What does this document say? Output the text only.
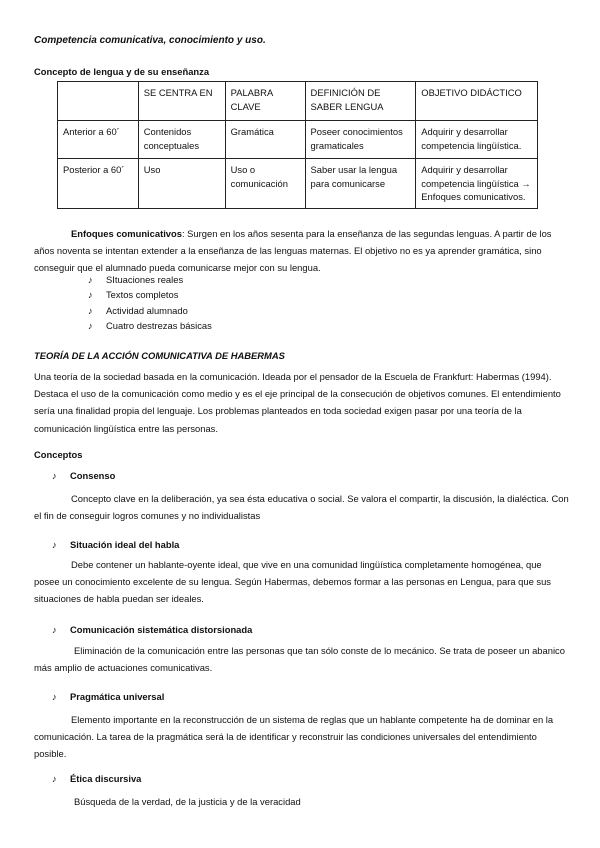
Competencia comunicativa, conocimiento y uso.
Concepto de lengua y de su enseñanza
	SE CENTRA EN	PALABRA CLAVE	DEFINICIÓN DE SABER LENGUA	OBJETIVO DIDÁCTICO
Anterior a 60´	Contenidos conceptuales	Gramática	Poseer conocimientos gramaticales	Adquirir y desarrollar competencia lingüística.
Posterior a 60´	Uso	Uso o comunicación	Saber usar la lengua para comunicarse	Adquirir y desarrollar competencia lingüística → Enfoques comunicativos.
Enfoques comunicativos: Surgen en los años sesenta para la enseñanza de las segundas lenguas. A partir de los años noventa se intentan extender a la enseñanza de las lenguas maternas. El objetivo no es ya aprender gramática, sino conseguir que el alumnado pueda comunicarse mejor con su lengua.
♪ SItuaciones reales
♪ Textos completos
♪ Actividad alumnado
♪ Cuatro destrezas básicas
TEORÍA DE LA ACCIÓN COMUNICATIVA DE HABERMAS
Una teoría de la sociedad basada en la comunicación. Ideada por el pensador de la Escuela de Frankfurt: Habermas (1994). Destaca el uso de la comunicación como medio y es el eje principal de la consecución de objetivos comunes. El entendimiento sería una finalidad propia del lenguaje. Los problemas planteados en toda sociedad exigen pasar por una teoría de la comunicación lingüística entre las personas.
Conceptos
♪ Consenso
Concepto clave en la deliberación, ya sea ésta educativa o social. Se valora el compartir, la discusión, la dialéctica. Con el fin de conseguir logros comunes y no individualistas
♪ Situación ideal del habla
Debe contener un hablante-oyente ideal, que vive en una comunidad lingüística completamente homogénea, que posee un conocimiento excelente de su lengua. Según Habermas, debemos formar a las personas en Lengua, para que sus situaciones de habla puedan ser ideales.
♪ Comunicación sistemática distorsionada
Eliminación de la comunicación entre las personas que tan sólo conste de lo mecánico. Se trata de poseer un abanico más amplio de actuaciones comunicativas.
♪ Pragmática universal
Elemento importante en la reconstrucción de un sistema de reglas que un hablante competente ha de dominar en la comunicación. La tarea de la pragmática será la de identificar y reconstruir las condiciones universales del entendimiento posible.
♪ Ética discursiva
Búsqueda de la verdad, de la justicia y de la veracidad
